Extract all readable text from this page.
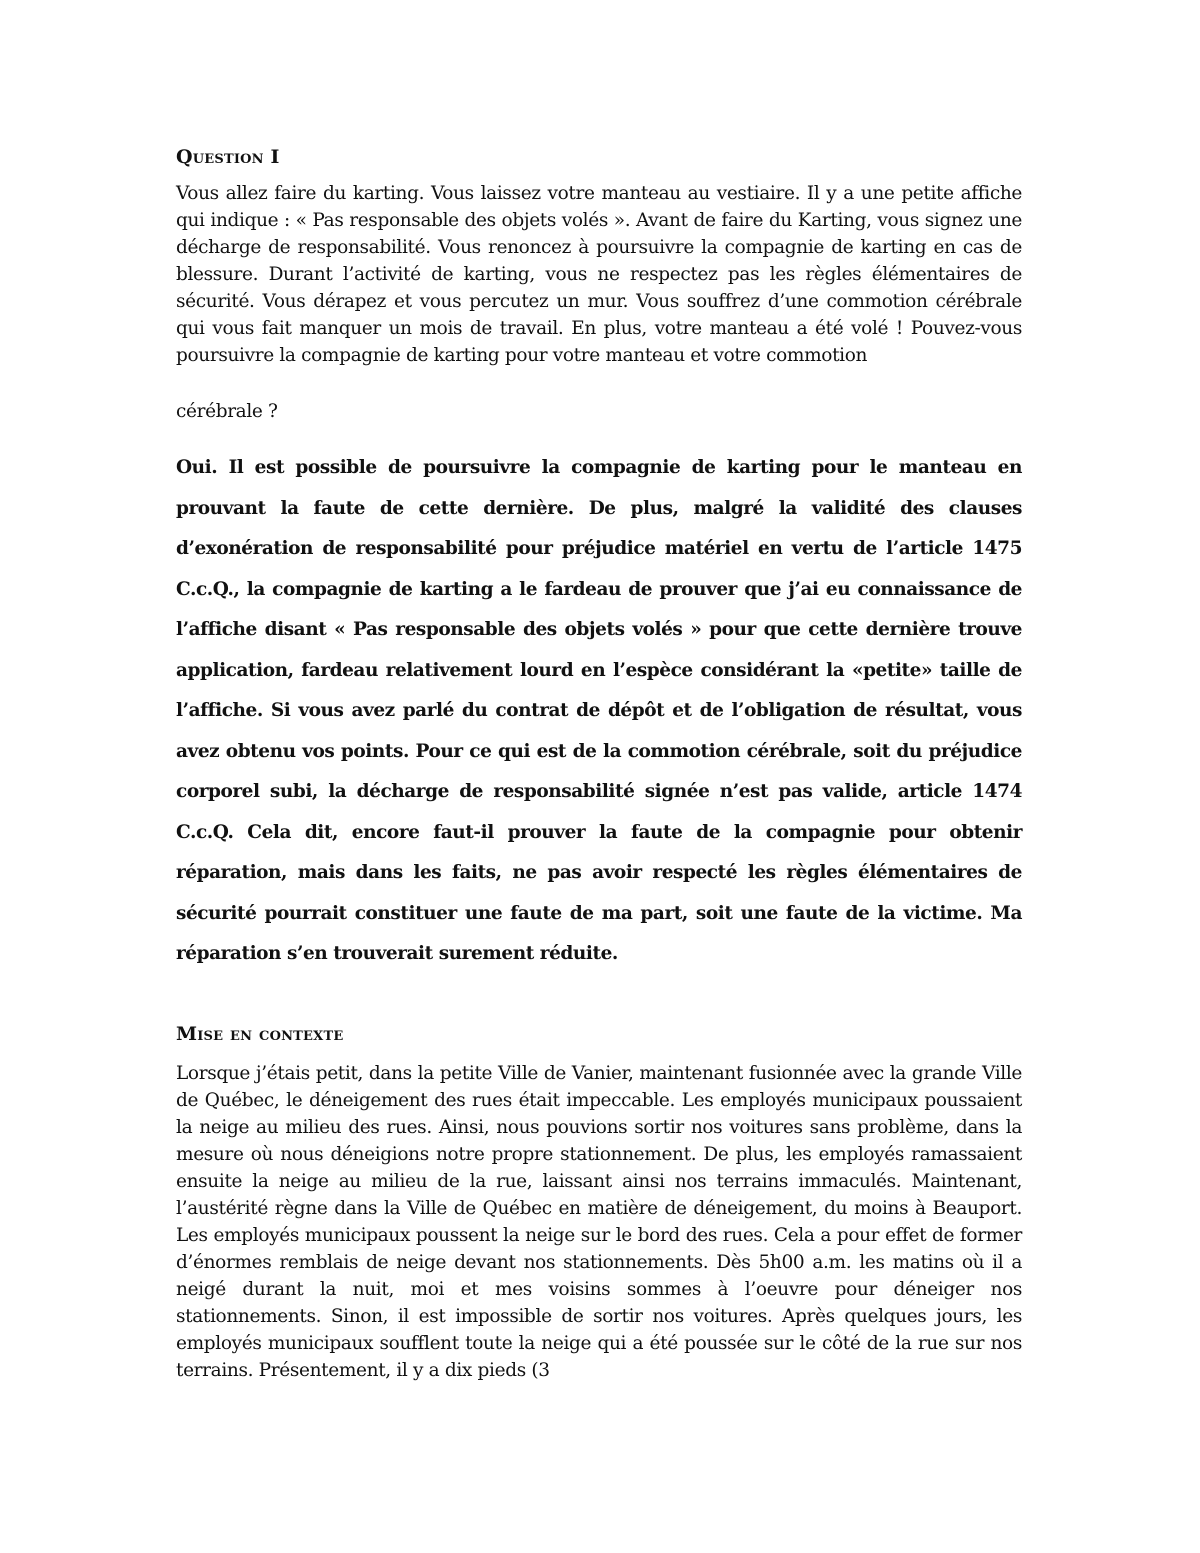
Question I

Vous allez faire du karting. Vous laissez votre manteau au vestiaire. Il y a une petite affiche qui indique : « Pas responsable des objets volés ». Avant de faire du Karting, vous signez une décharge de responsabilité. Vous renoncez à poursuivre la compagnie de karting en cas de blessure. Durant l’activité de karting, vous ne respectez pas les règles élémentaires de sécurité. Vous dérapez et vous percutez un mur. Vous souffrez d’une commotion cérébrale qui vous fait manquer un mois de travail. En plus, votre manteau a été volé ! Pouvez-vous poursuivre la compagnie de karting pour votre manteau et votre commotion

cérébrale ?

Oui. Il est possible de poursuivre la compagnie de karting pour le manteau en prouvant la faute de cette dernière. De plus, malgré la validité des clauses d’exonération de responsabilité pour préjudice matériel en vertu de l’article 1475 C.c.Q., la compagnie de karting a le fardeau de prouver que j’ai eu connaissance de l’affiche disant « Pas responsable des objets volés » pour que cette dernière trouve application, fardeau relativement lourd en l’espèce considérant la «petite» taille de l’affiche. Si vous avez parlé du contrat de dépôt et de l’obligation de résultat, vous avez obtenu vos points. Pour ce qui est de la commotion cérébrale, soit du préjudice corporel subi, la décharge de responsabilité signée n’est pas valide, article 1474 C.c.Q. Cela dit, encore faut-il prouver la faute de la compagnie pour obtenir réparation, mais dans les faits, ne pas avoir respecté les règles élémentaires de sécurité pourrait constituer une faute de ma part, soit une faute de la victime. Ma réparation s’en trouverait surement réduite.

Mise en contexte

Lorsque j’étais petit, dans la petite Ville de Vanier, maintenant fusionnée avec la grande Ville de Québec, le déneigement des rues était impeccable. Les employés municipaux poussaient la neige au milieu des rues. Ainsi, nous pouvions sortir nos voitures sans problème, dans la mesure où nous déneigions notre propre stationnement. De plus, les employés ramassaient ensuite la neige au milieu de la rue, laissant ainsi nos terrains immaculés. Maintenant, l’austérité règne dans la Ville de Québec en matière de déneigement, du moins à Beauport. Les employés municipaux poussent la neige sur le bord des rues. Cela a pour effet de former d’énormes remblais de neige devant nos stationnements. Dès 5h00 a.m. les matins où il a neigé durant la nuit, moi et mes voisins sommes à l’oeuvre pour déneiger nos stationnements. Sinon, il est impossible de sortir nos voitures. Après quelques jours, les employés municipaux soufflent toute la neige qui a été poussée sur le côté de la rue sur nos terrains. Présentement, il y a dix pieds (3
